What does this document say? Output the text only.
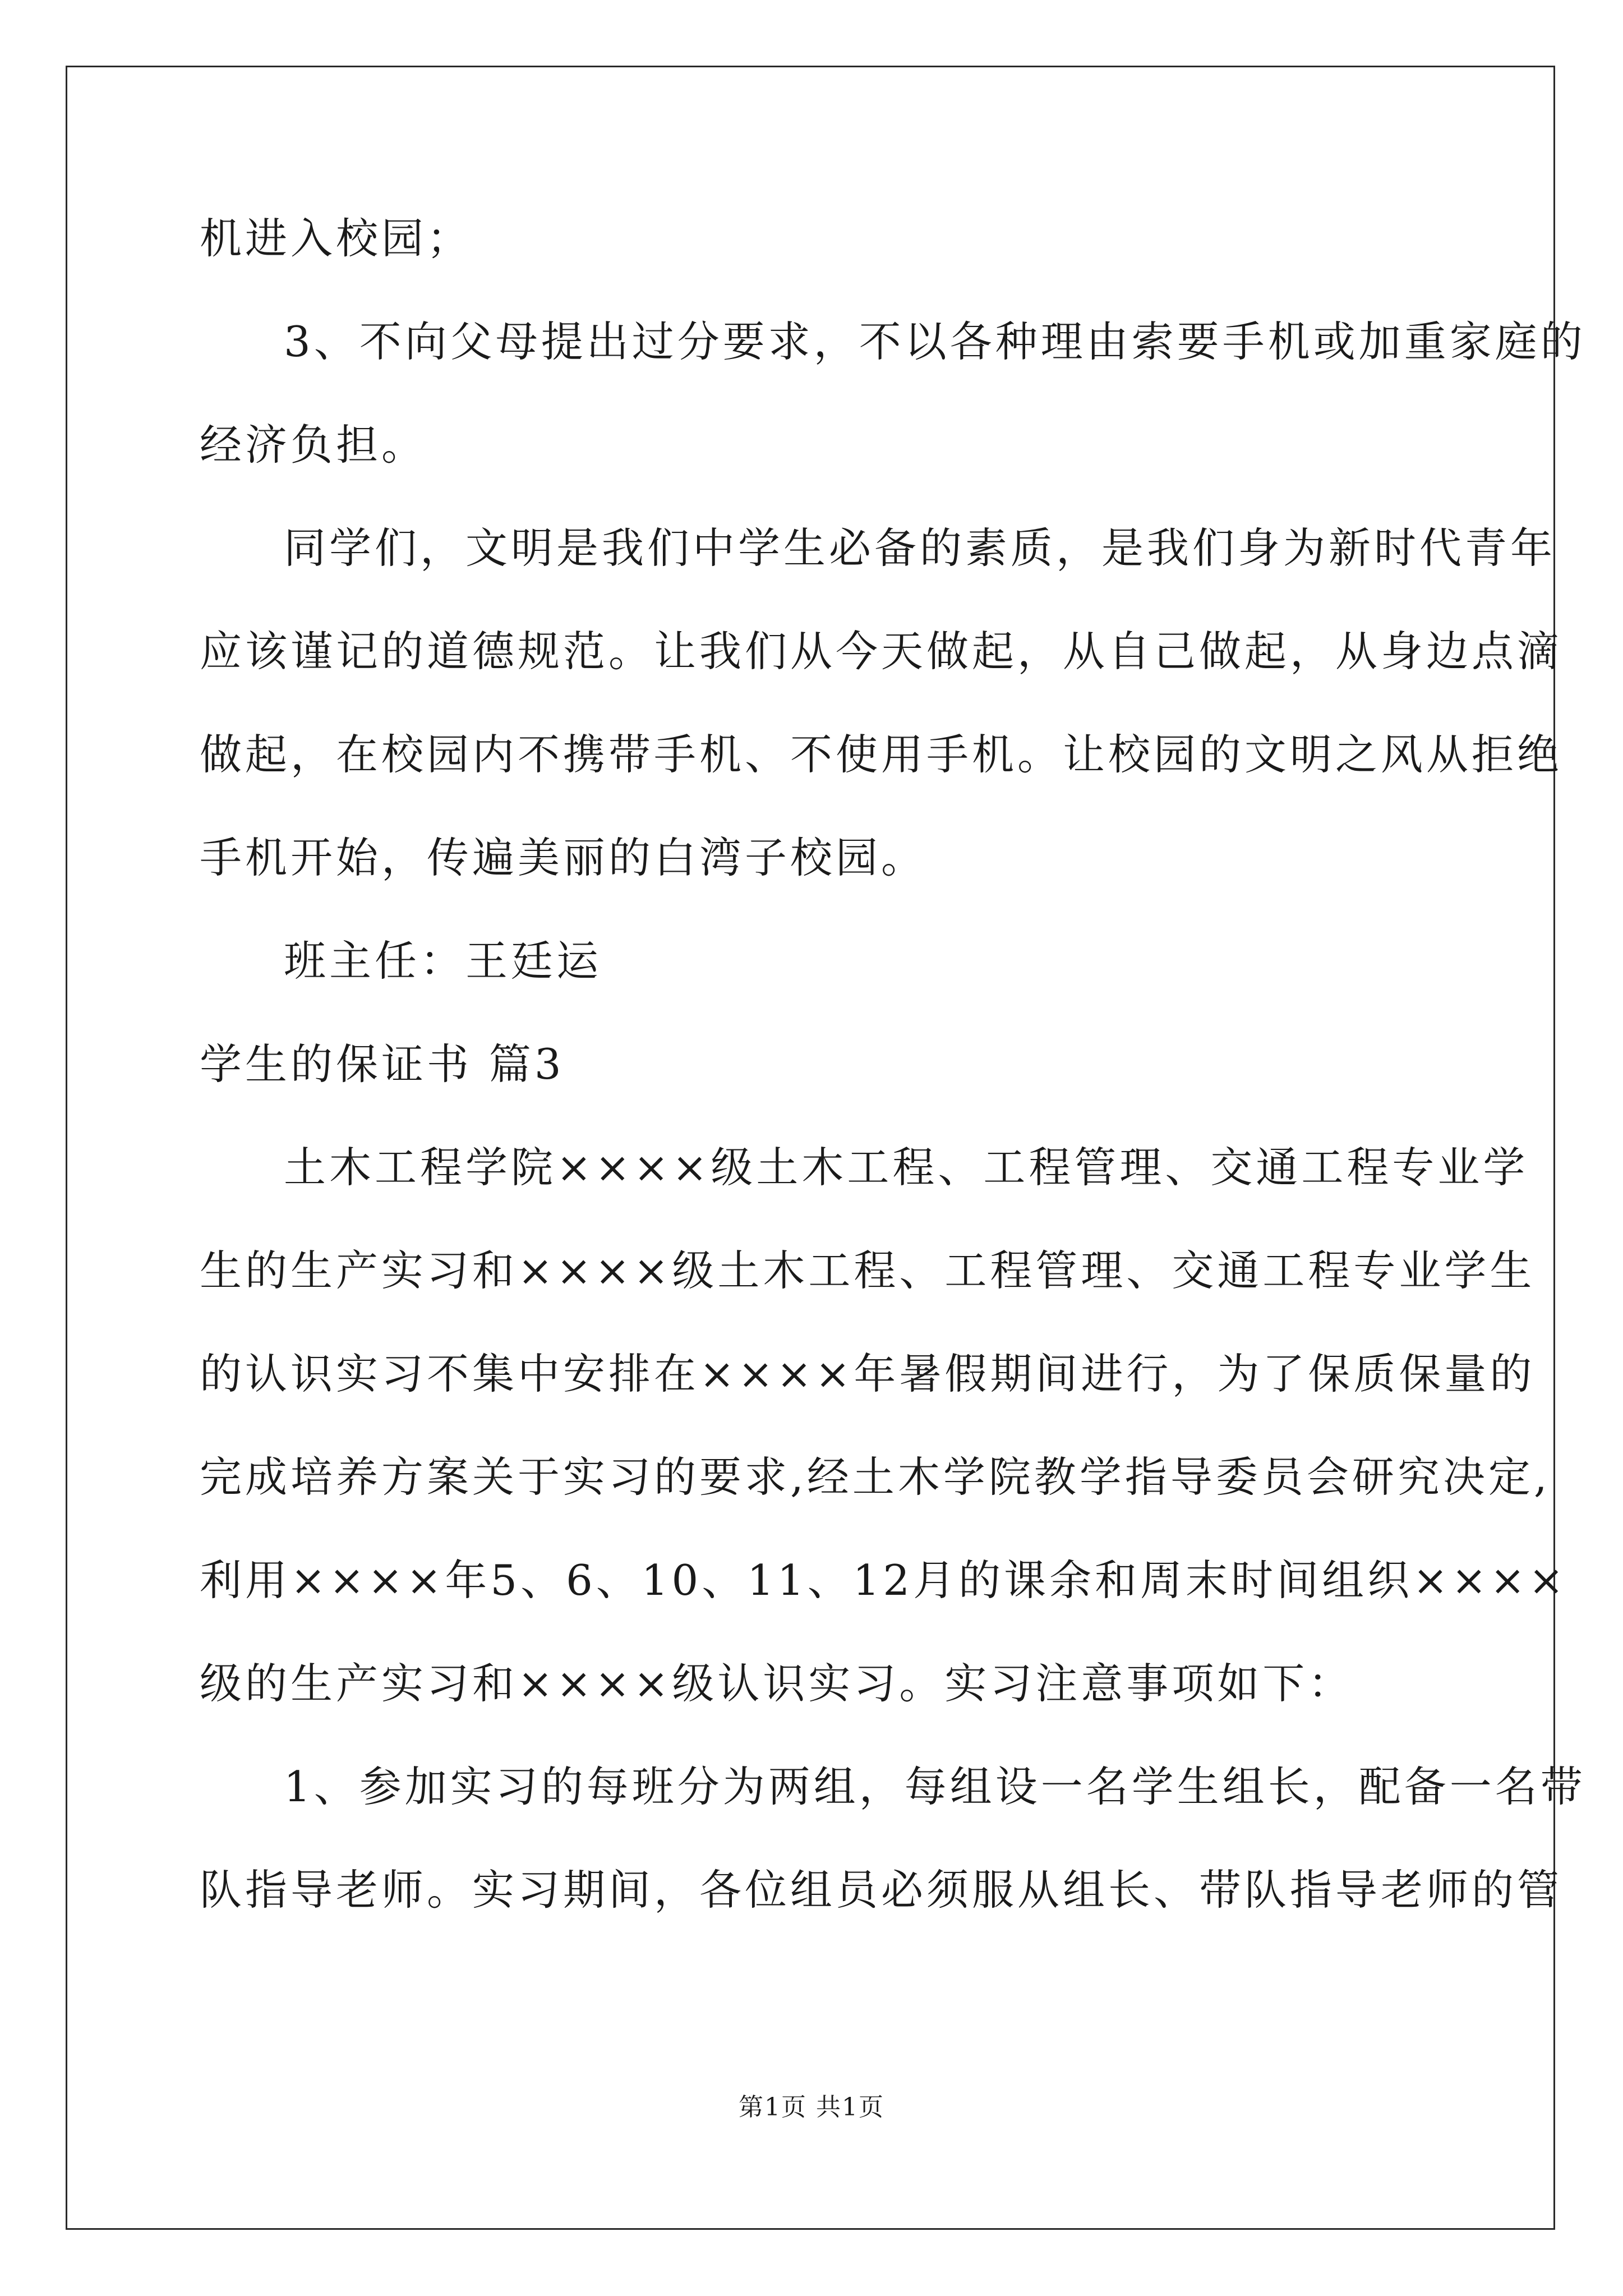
机进入校园；
3、不向父母提出过分要求，不以各种理由索要手机或加重家庭的
经济负担。
同学们，文明是我们中学生必备的素质，是我们身为新时代青年
应该谨记的道德规范。让我们从今天做起，从自己做起，从身边点滴
做起，在校园内不携带手机、不使用手机。让校园的文明之风从拒绝
手机开始，传遍美丽的白湾子校园。
班主任：王廷运
学生的保证书 篇3
土木工程学院××××级土木工程、工程管理、交通工程专业学
生的生产实习和××××级土木工程、工程管理、交通工程专业学生
的认识实习不集中安排在××××年暑假期间进行，为了保质保量的
完成培养方案关于实习的要求,经土木学院教学指导委员会研究决定,
利用××××年5、6、10、11、12月的课余和周末时间组织××××
级的生产实习和××××级认识实习。实习注意事项如下：
1、参加实习的每班分为两组，每组设一名学生组长，配备一名带
队指导老师。实习期间，各位组员必须服从组长、带队指导老师的管
第1页 共1页
